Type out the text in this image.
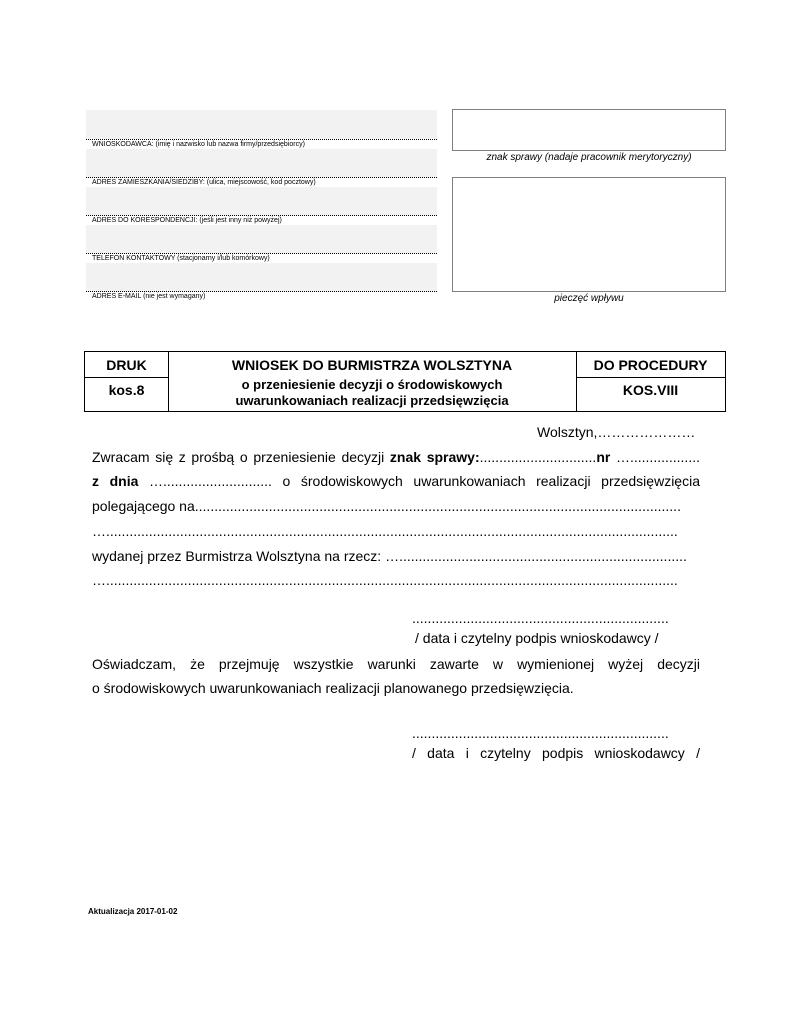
WNIOSKODAWCA: (imię i nazwisko lub nazwa firmy/przedsiębiorcy)
ADRES ZAMIESZKANIA/SIEDZIBY: (ulica, miejscowość, kod pocztowy)
ADRES DO KORESPONDENCJI: (jeśli jest inny niż powyżej)
TELEFON KONTAKTOWY (stacjonarny i/lub komórkowy)
ADRES E-MAIL (nie jest wymagany)
znak sprawy (nadaje pracownik merytoryczny)
pieczęć wpływu
DRUK
kos.8
WNIOSEK DO BURMISTRZA WOLSZTYNA
o przeniesienie decyzji o środowiskowych
uwarunkowaniach realizacji przedsięwzięcia
DO PROCEDURY
KOS.VIII
Wolsztyn,…………………
Zwracam się z prośbą o przeniesienie decyzji znak sprawy:..............................nr …..................
z dnia …............................ o środowiskowych uwarunkowaniach realizacji przedsięwzięcia
polegającego na.............................................................................................................................
…...................................................................................................................................................
wydanej przez Burmistrza Wolsztyna na rzecz: …..........................................................................
…...................................................................................................................................................
..................................................................
/ data i czytelny podpis wnioskodawcy /
Oświadczam, że przejmuję wszystkie warunki zawarte w wymienionej wyżej decyzji
o środowiskowych uwarunkowaniach realizacji planowanego przedsięwzięcia.
..................................................................
/ data i czytelny podpis wnioskodawcy /
Aktualizacja 2017-01-02
